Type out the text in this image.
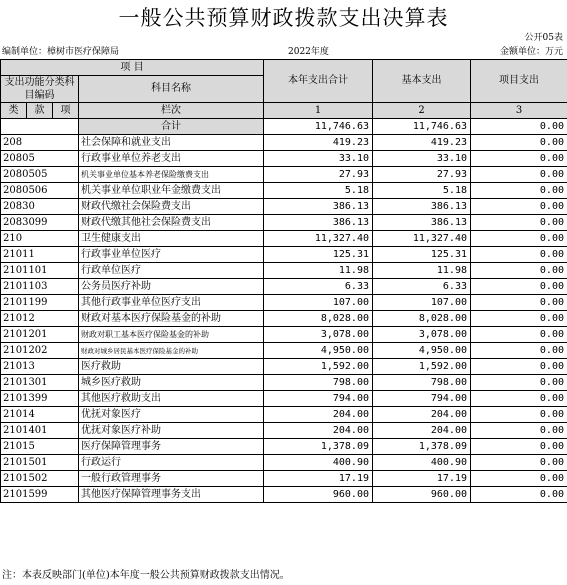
一般公共预算财政拨款支出决算表
公开05表
编制单位：樟树市医疗保障局	2022年度	金额单位：万元
项 目				本年支出合计	基本支出	项目支出
支出功能分类科目编码			科目名称			

类	款	项				
			栏次	1	2	3
			合计	11,746.63	11,746.63	0.00
208			社会保障和就业支出	419.23	419.23	0.00
20805			行政事业单位养老支出	33.10	33.10	0.00
2080505			机关事业单位基本养老保险缴费支出	27.93	27.93	0.00
2080506			机关事业单位职业年金缴费支出	5.18	5.18	0.00
20830			财政代缴社会保险费支出	386.13	386.13	0.00
2083099			财政代缴其他社会保险费支出	386.13	386.13	0.00
210			卫生健康支出	11,327.40	11,327.40	0.00
21011			行政事业单位医疗	125.31	125.31	0.00
2101101			行政单位医疗	11.98	11.98	0.00
2101103			公务员医疗补助	6.33	6.33	0.00
2101199			其他行政事业单位医疗支出	107.00	107.00	0.00
21012			财政对基本医疗保险基金的补助	8,028.00	8,028.00	0.00
2101201			财政对职工基本医疗保险基金的补助	3,078.00	3,078.00	0.00
2101202			财政对城乡居民基本医疗保险基金的补助	4,950.00	4,950.00	0.00
21013			医疗救助	1,592.00	1,592.00	0.00
2101301			城乡医疗救助	798.00	798.00	0.00
2101399			其他医疗救助支出	794.00	794.00	0.00
21014			优抚对象医疗	204.00	204.00	0.00
2101401			优抚对象医疗补助	204.00	204.00	0.00
21015			医疗保障管理事务	1,378.09	1,378.09	0.00
2101501			行政运行	400.90	400.90	0.00
2101502			一般行政管理事务	17.19	17.19	0.00
2101599			其他医疗保障管理事务支出	960.00	960.00	0.00
注：本表反映部门(单位)本年度一般公共预算财政拨款支出情况。
